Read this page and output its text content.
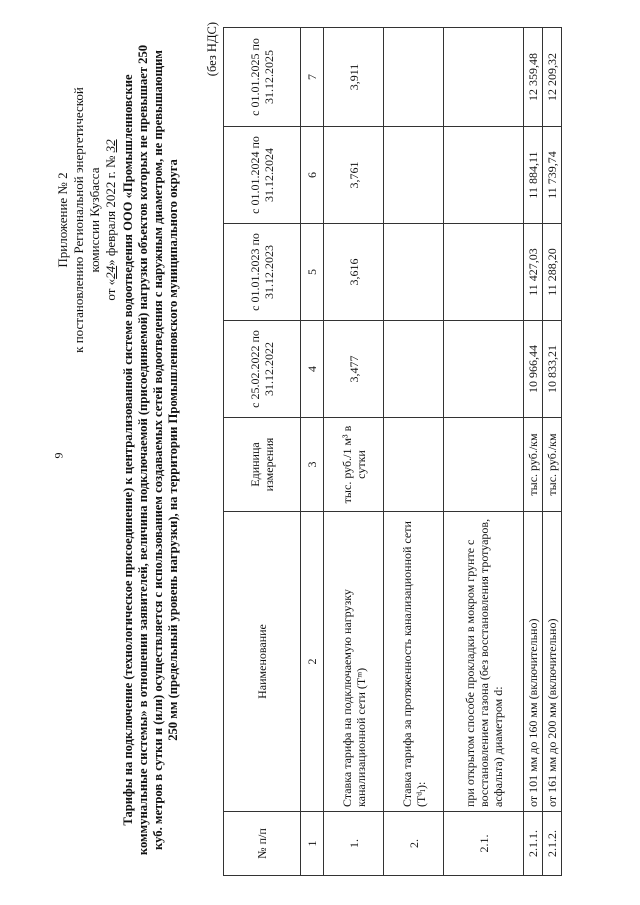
9
Приложение № 2 к постановлению Региональной энергетической комиссии Кузбасса
от «24» февраля 2022 г. № 32 Тарифы на подключение (технологическое присоединение) к централизованной системе водоотведения ООО «Промышленновские коммунальные системы» в отношении заявителей, величина подключаемой (присоединяемой) нагрузки объектов которых не превышает 250 куб. метров в сутки и (или) осуществляется с использованием создаваемых сетей водоотведения с наружным диаметром, не превышающим 250 мм (предельный уровень нагрузки), на территории Промышленновского муниципального округа
(без НДС)
№ п/п	Наименование	Единица измерения	с 25.02.2022 по 31.12.2022	с 01.01.2023 по 31.12.2023	с 01.01.2024 по 31.12.2024	с 01.01.2025 по 31.12.2025
1	2	3	4	5	6	7
1.	Ставка тарифа на подключаемую нагрузку канализационной сети (Тᵐ)	тыс. руб./1 м³ в сутки	3,477	3,616	3,761	3,911
2.	Ставка тарифа за протяженность канализационной сети (Тᵈₗ):					
2.1.	при открытом способе прокладки в мокром грунте с восстановлением газона (без восстановления тротуаров, асфальта) диаметром d:					
2.1.1.	от 101 мм до 160 мм (включительно)	тыс. руб./км	10 966,44	11 427,03	11 884,11	12 359,48
2.1.2.	от 161 мм до 200 мм (включительно)	тыс. руб./км	10 833,21	11 288,20	11 739,74	12 209,32
